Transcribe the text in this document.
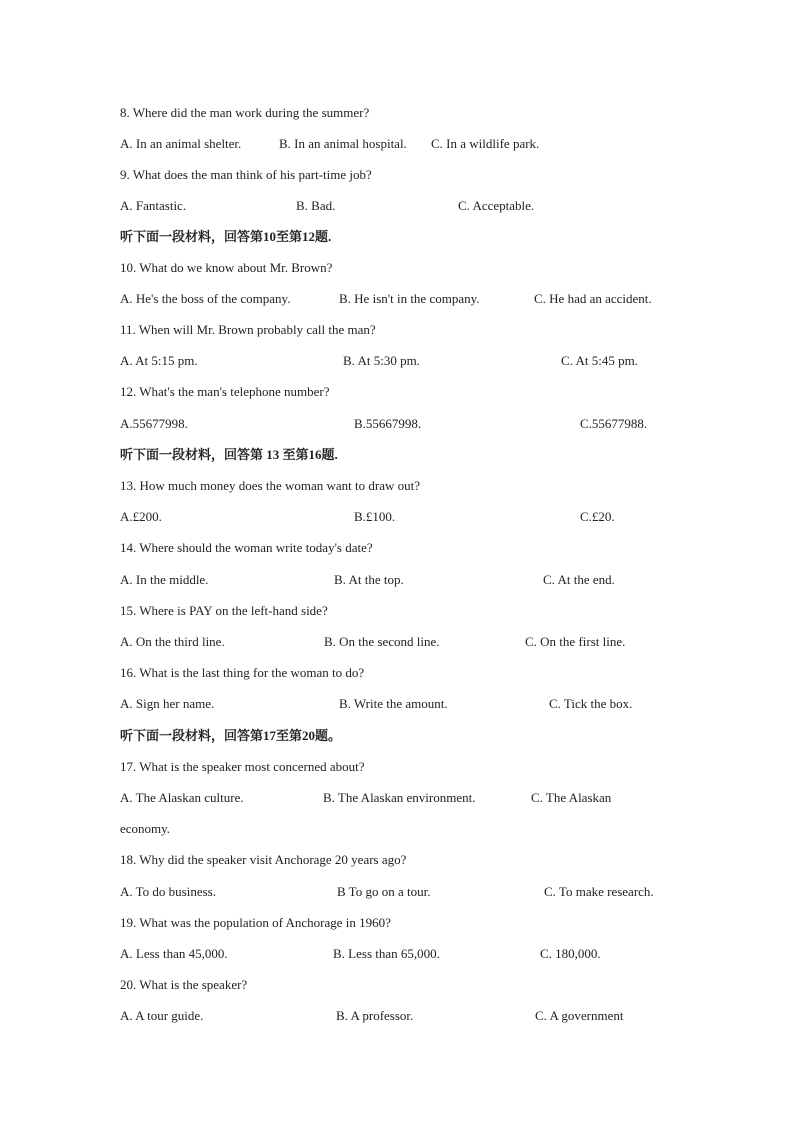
8. Where did the man work during the summer?
A. In an animal shelter.	B. In an animal hospital. C. In a wildlife park.
9. What does the man think of his part-time job?
A. Fantastic.	B. Bad.	C. Acceptable.
听下面一段材料，回答第10至第12题.
10. What do we know about Mr. Brown?
A. He's the boss of the company.	B. He isn't in the company.	C. He had an accident.
11. When will Mr. Brown probably call the man?
A. At 5:15 pm.	B. At 5:30 pm.	C. At 5:45 pm.
12. What's the man's telephone number?
A.55677998.	B.55667998.	C.55677988.
听下面一段材料，回答第 13 至第16题.
13. How much money does the woman want to draw out?
A.£200.	B.£100.	C.£20.
14. Where should the woman write today's date?
A. In the middle.	B. At the top.	C. At the end.
15. Where is PAY on the left-hand side?
A. On the third line.	B. On the second line.	C. On the first line.
16. What is the last thing for the woman to do?
A. Sign her name.	B. Write the amount.	C. Tick the box.
听下面一段材料，回答第17至第20题。
17. What is the speaker most concerned about?
A. The Alaskan culture.	B. The Alaskan environment.	C. The Alaskan
economy.
18. Why did the speaker visit Anchorage 20 years ago?
A. To do business.	B To go on a tour.	C. To make research.
19. What was the population of Anchorage in 1960?
A. Less than 45,000.	B. Less than 65,000.	C. 180,000.
20. What is the speaker?
A. A tour guide.	B. A professor.	C. A government
